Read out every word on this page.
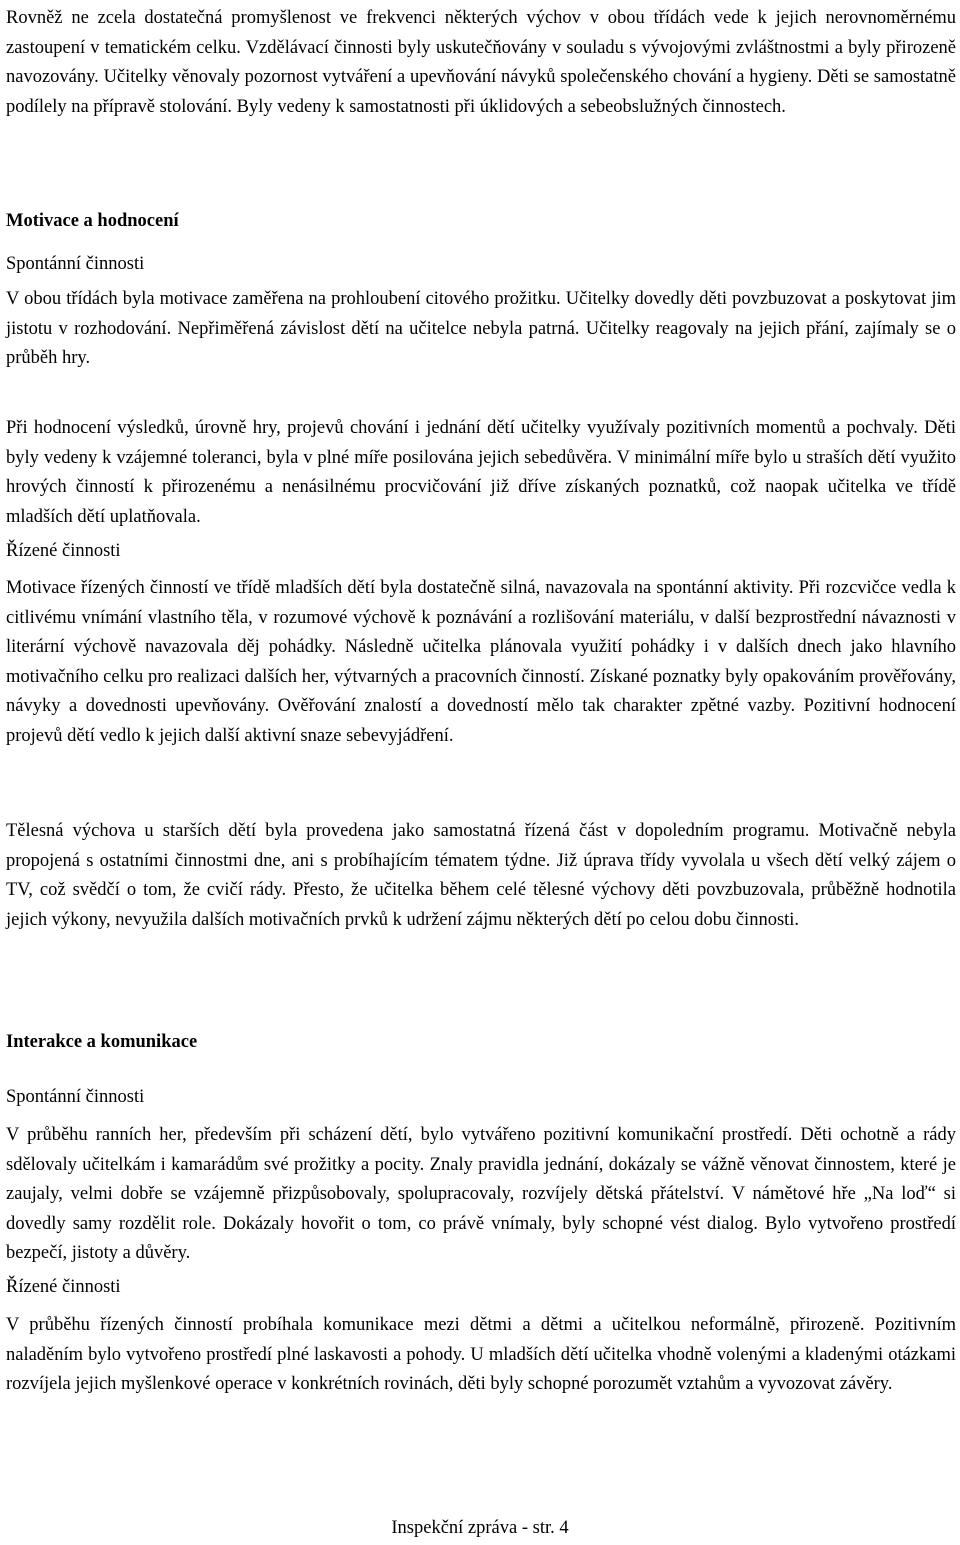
Rovněž ne zcela dostatečná promyšlenost ve frekvenci některých výchov v obou třídách vede k jejich nerovnoměrnému zastoupení v tematickém celku. Vzdělávací činnosti byly uskutečňovány v souladu s vývojovými zvláštnostmi a byly přirozeně navozovány. Učitelky věnovaly pozornost vytváření a upevňování návyků společenského chování a hygieny. Děti se samostatně podílely na přípravě stolování. Byly vedeny k samostatnosti při úklidových a sebeobslužných činnostech.

Motivace a hodnocení

Spontánní činnosti

V obou třídách byla motivace zaměřena na prohloubení citového prožitku. Učitelky dovedly děti povzbuzovat a poskytovat jim jistotu v rozhodování. Nepřiměřená závislost dětí na učitelce nebyla patrná. Učitelky reagovaly na jejich přání, zajímaly se o průběh hry.

Při hodnocení výsledků, úrovně hry, projevů chování i jednání dětí učitelky využívaly pozitivních momentů a pochvaly. Děti byly vedeny k vzájemné toleranci, byla v plné míře posilována jejich sebedůvěra. V minimální míře bylo u straších dětí využito hrových činností k přirozenému a nenásilnému procvičování již dříve získaných poznatků, což naopak učitelka ve třídě mladších dětí uplatňovala.

Řízené činnosti

Motivace řízených činností ve třídě mladších dětí byla dostatečně silná, navazovala na spontánní aktivity. Při rozcvičce vedla k citlivému vnímání vlastního těla, v rozumové výchově k poznávání a rozlišování materiálu, v další bezprostřední návaznosti v literární výchově navazovala děj pohádky. Následně učitelka plánovala využití pohádky i v dalších dnech jako hlavního motivačního celku pro realizaci dalších her, výtvarných a pracovních činností. Získané poznatky byly opakováním prověřovány, návyky a dovednosti upevňovány. Ověřování znalostí a dovedností mělo tak charakter zpětné vazby. Pozitivní hodnocení projevů dětí vedlo k jejich další aktivní snaze sebevyjádření.

Tělesná výchova u starších dětí byla provedena jako samostatná řízená část v dopoledním programu. Motivačně nebyla propojená s ostatními činnostmi dne, ani s probíhajícím tématem týdne. Již úprava třídy vyvolala u všech dětí velký zájem o TV, což svědčí o tom, že cvičí rády. Přesto, že učitelka během celé tělesné výchovy děti povzbuzovala, průběžně hodnotila jejich výkony, nevyužila dalších motivačních prvků k udržení zájmu některých dětí po celou dobu činnosti.

Interakce a komunikace

Spontánní činnosti

V průběhu ranních her, především při scházení dětí, bylo vytvářeno pozitivní komunikační prostředí. Děti ochotně a rády sdělovaly učitelkám i kamarádům své prožitky a pocity. Znaly pravidla jednání, dokázaly se vážně věnovat činnostem, které je zaujaly, velmi dobře se vzájemně přizpůsobovaly, spolupracovaly, rozvíjely dětská přátelství. V námětové hře „Na loď“ si dovedly samy rozdělit role. Dokázaly hovořit o tom, co právě vnímaly, byly schopné vést dialog. Bylo vytvořeno prostředí bezpečí, jistoty a důvěry.

Řízené činnosti

V průběhu řízených činností probíhala komunikace mezi dětmi a dětmi a učitelkou neformálně, přirozeně. Pozitivním naladěním bylo vytvořeno prostředí plné laskavosti a pohody. U mladších dětí učitelka vhodně volenými a kladenými otázkami rozvíjela jejich myšlenkové operace v konkrétních rovinách, děti byly schopné porozumět vztahům a vyvozovat závěry.

Inspekční zpráva - str. 4
